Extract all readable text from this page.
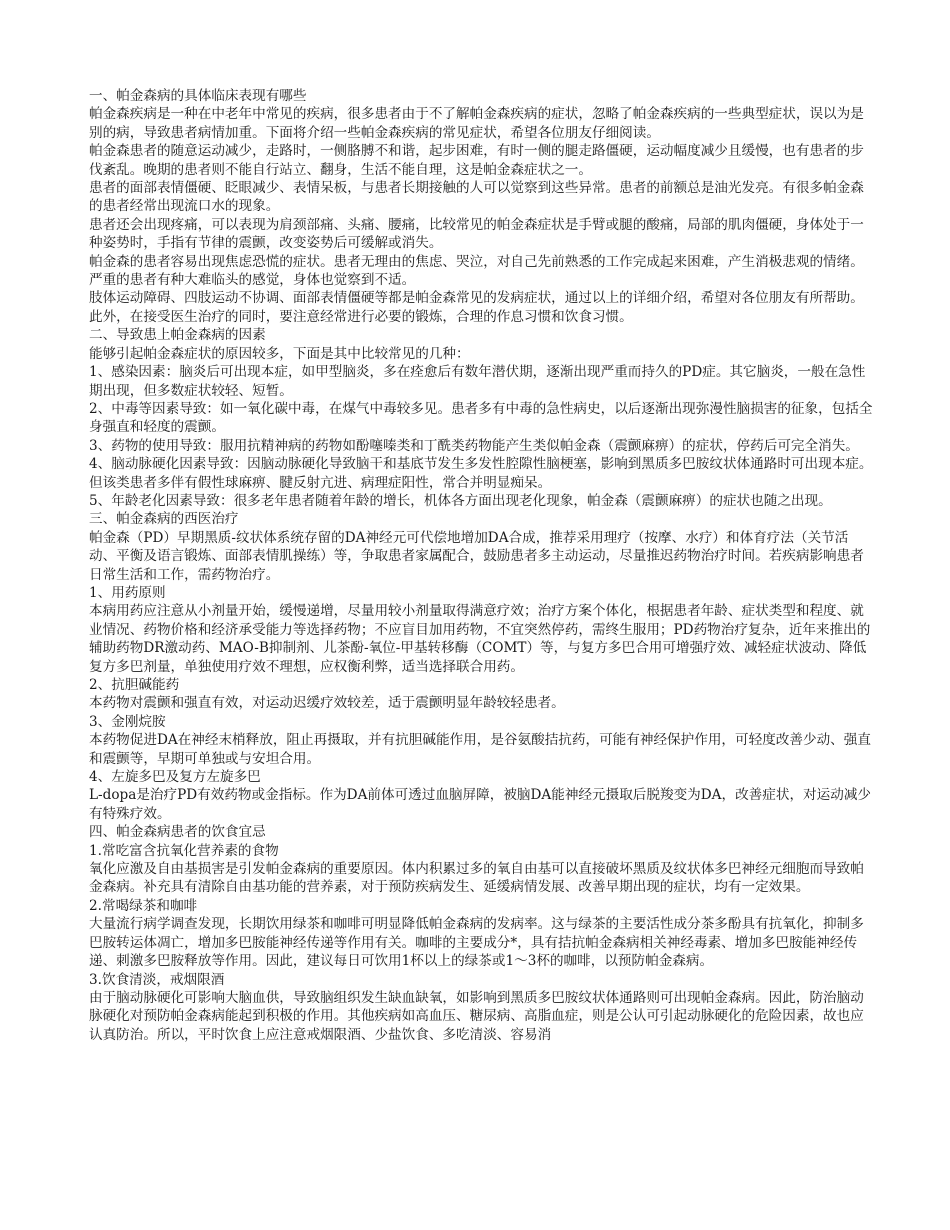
一、帕金森病的具体临床表现有哪些

帕金森疾病是一种在中老年中常见的疾病，很多患者由于不了解帕金森疾病的症状，忽略了帕金森疾病的一些典型症状，误以为是别的病，导致患者病情加重。下面将介绍一些帕金森疾病的常见症状，希望各位朋友仔细阅读。

帕金森患者的随意运动减少，走路时，一侧胳膊不和谐，起步困难，有时一侧的腿走路僵硬，运动幅度减少且缓慢，也有患者的步伐紊乱。晚期的患者则不能自行站立、翻身，生活不能自理，这是帕金森症状之一。

患者的面部表情僵硬、眨眼减少、表情呆板，与患者长期接触的人可以觉察到这些异常。患者的前额总是油光发亮。有很多帕金森的患者经常出现流口水的现象。

患者还会出现疼痛，可以表现为肩颈部痛、头痛、腰痛，比较常见的帕金森症状是手臂或腿的酸痛，局部的肌肉僵硬，身体处于一种姿势时，手指有节律的震颤，改变姿势后可缓解或消失。

帕金森的患者容易出现焦虑恐慌的症状。患者无理由的焦虑、哭泣，对自己先前熟悉的工作完成起来困难，产生消极悲观的情绪。严重的患者有种大难临头的感觉，身体也觉察到不适。

肢体运动障碍、四肢运动不协调、面部表情僵硬等都是帕金森常见的发病症状，通过以上的详细介绍，希望对各位朋友有所帮助。此外，在接受医生治疗的同时，要注意经常进行必要的锻炼，合理的作息习惯和饮食习惯。

二、导致患上帕金森病的因素

能够引起帕金森症状的原因较多，下面是其中比较常见的几种：

1、感染因素：脑炎后可出现本症，如甲型脑炎，多在痊愈后有数年潜伏期，逐渐出现严重而持久的PD症。其它脑炎，一般在急性期出现，但多数症状较轻、短暂。

2、中毒等因素导致：如一氧化碳中毒，在煤气中毒较多见。患者多有中毒的急性病史，以后逐渐出现弥漫性脑损害的征象，包括全身强直和轻度的震颤。

3、药物的使用导致：服用抗精神病的药物如酚噻嗪类和丁酰类药物能产生类似帕金森（震颤麻痹）的症状，停药后可完全消失。

4、脑动脉硬化因素导致：因脑动脉硬化导致脑干和基底节发生多发性腔隙性脑梗塞，影响到黑质多巴胺纹状体通路时可出现本症。但该类患者多伴有假性球麻痹、腱反射亢进、病理症阳性，常合并明显痴呆。

5、年龄老化因素导致：很多老年患者随着年龄的增长，机体各方面出现老化现象，帕金森（震颤麻痹）的症状也随之出现。

三、帕金森病的西医治疗

帕金森（PD）早期黑质-纹状体系统存留的DA神经元可代偿地增加DA合成，推荐采用理疗（按摩、水疗）和体育疗法（关节活动、平衡及语言锻炼、面部表情肌操练）等，争取患者家属配合，鼓励患者多主动运动，尽量推迟药物治疗时间。若疾病影响患者日常生活和工作，需药物治疗。

1、用药原则

本病用药应注意从小剂量开始，缓慢递增，尽量用较小剂量取得满意疗效；治疗方案个体化，根据患者年龄、症状类型和程度、就业情况、药物价格和经济承受能力等选择药物；不应盲目加用药物，不宜突然停药，需终生服用；PD药物治疗复杂，近年来推出的辅助药物DR激动药、MAO-B抑制剂、儿茶酚-氧位-甲基转移酶（COMT）等，与复方多巴合用可增强疗效、减轻症状波动、降低复方多巴剂量，单独使用疗效不理想，应权衡利弊，适当选择联合用药。

2、抗胆碱能药

本药物对震颤和强直有效，对运动迟缓疗效较差，适于震颤明显年龄较轻患者。

3、金刚烷胺

本药物促进DA在神经末梢释放，阻止再摄取，并有抗胆碱能作用，是谷氨酸拮抗药，可能有神经保护作用，可轻度改善少动、强直和震颤等，早期可单独或与安坦合用。

4、左旋多巴及复方左旋多巴

L-dopa是治疗PD有效药物或金指标。作为DA前体可透过血脑屏障，被脑DA能神经元摄取后脱羧变为DA，改善症状，对运动减少有特殊疗效。

四、帕金森病患者的饮食宜忌

1.常吃富含抗氧化营养素的食物

氧化应激及自由基损害是引发帕金森病的重要原因。体内积累过多的氧自由基可以直接破坏黑质及纹状体多巴神经元细胞而导致帕金森病。补充具有清除自由基功能的营养素，对于预防疾病发生、延缓病情发展、改善早期出现的症状，均有一定效果。

2.常喝绿茶和咖啡

大量流行病学调查发现，长期饮用绿茶和咖啡可明显降低帕金森病的发病率。这与绿茶的主要活性成分茶多酚具有抗氧化，抑制多巴胺转运体凋亡，增加多巴胺能神经传递等作用有关。咖啡的主要成分*，具有拮抗帕金森病相关神经毒素、增加多巴胺能神经传递、刺激多巴胺释放等作用。因此，建议每日可饮用1杯以上的绿茶或1～3杯的咖啡，以预防帕金森病。

3.饮食清淡，戒烟限酒

由于脑动脉硬化可影响大脑血供，导致脑组织发生缺血缺氧，如影响到黑质多巴胺纹状体通路则可出现帕金森病。因此，防治脑动脉硬化对预防帕金森病能起到积极的作用。其他疾病如高血压、糖尿病、高脂血症，则是公认可引起动脉硬化的危险因素，故也应认真防治。所以，平时饮食上应注意戒烟限酒、少盐饮食、多吃清淡、容易消
